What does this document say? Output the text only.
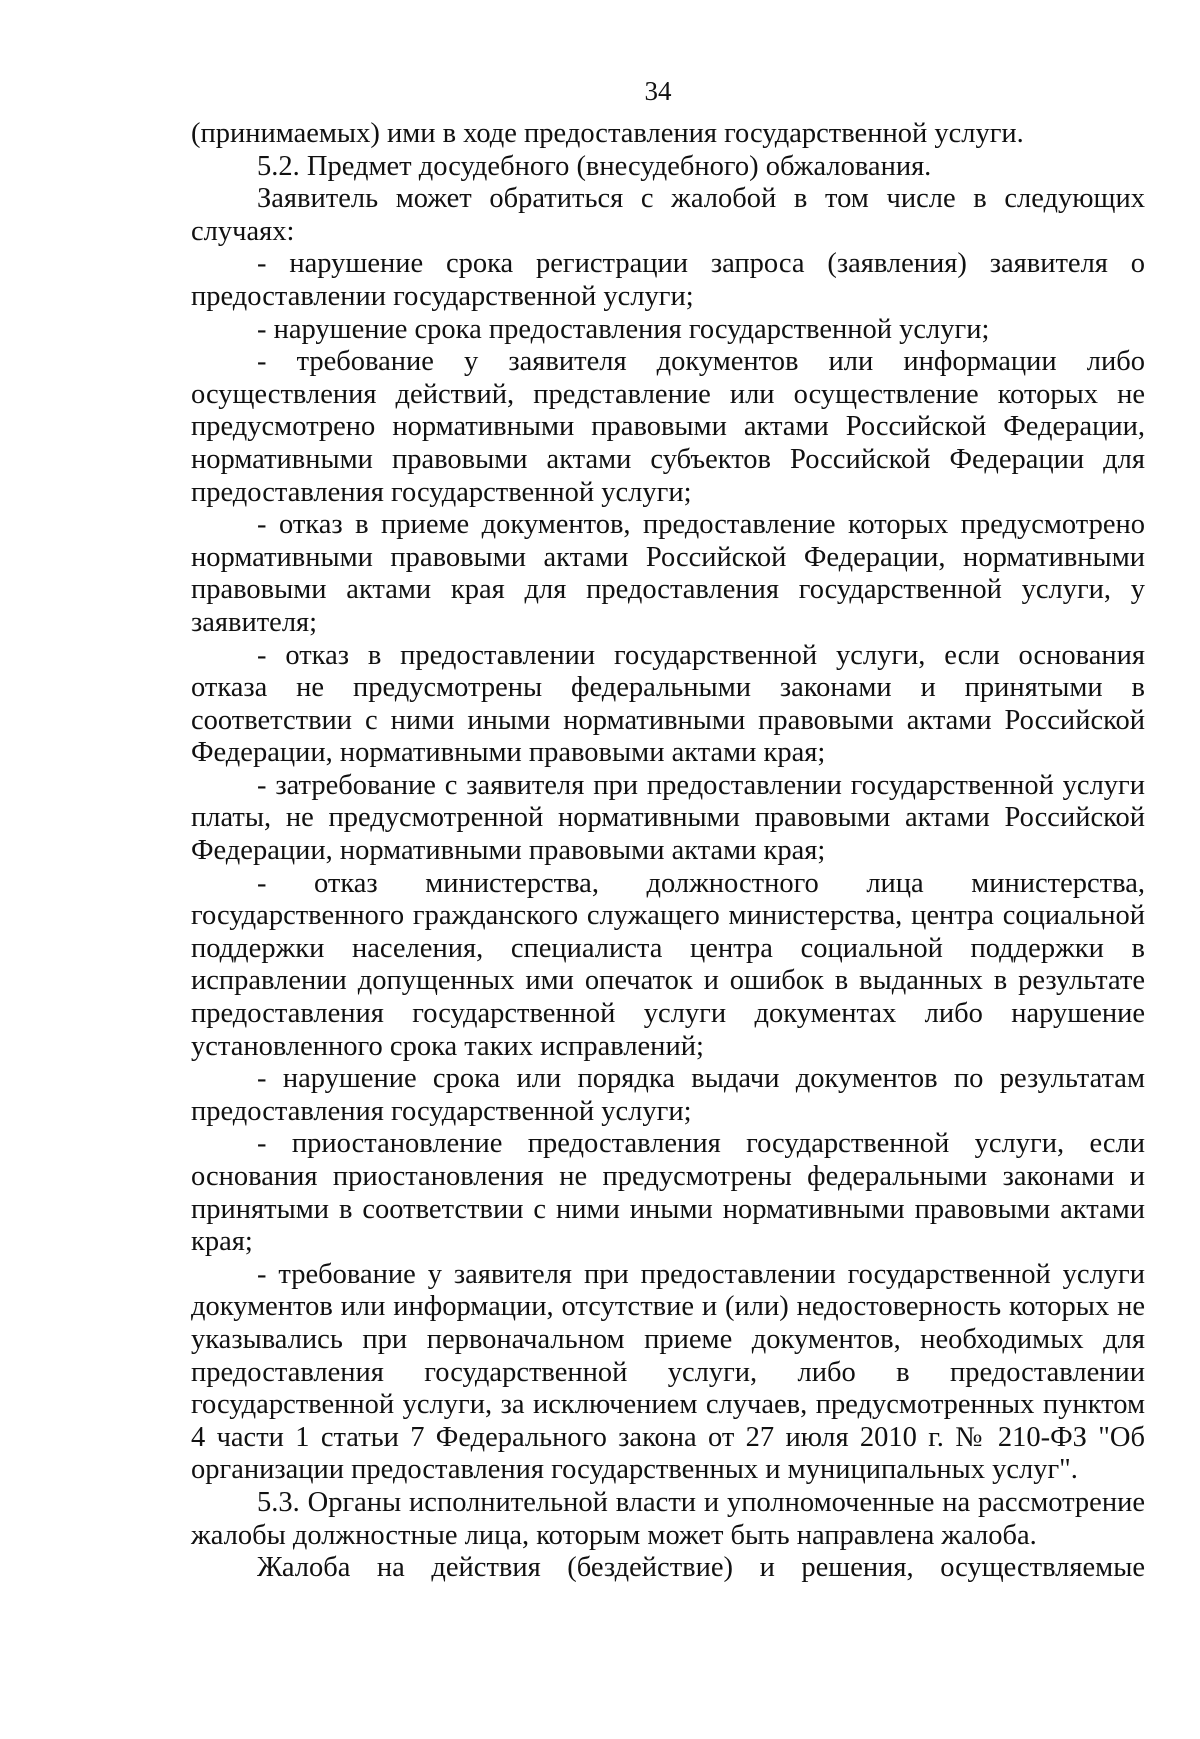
34

(принимаемых) ими в ходе предоставления государственной услуги.

5.2. Предмет досудебного (внесудебного) обжалования.

Заявитель может обратиться с жалобой в том числе в следующих случаях:

- нарушение срока регистрации запроса (заявления) заявителя о предоставлении государственной услуги;

- нарушение срока предоставления государственной услуги;

- требование у заявителя документов или информации либо осуществления действий, представление или осуществление которых не предусмотрено нормативными правовыми актами Российской Федерации, нормативными правовыми актами субъектов Российской Федерации для предоставления государственной услуги;

- отказ в приеме документов, предоставление которых предусмотрено нормативными правовыми актами Российской Федерации, нормативными правовыми актами края для предоставления государственной услуги, у заявителя;

- отказ в предоставлении государственной услуги, если основания отказа не предусмотрены федеральными законами и принятыми в соответствии с ними иными нормативными правовыми актами Российской Федерации, нормативными правовыми актами края;

- затребование с заявителя при предоставлении государственной услуги платы, не предусмотренной нормативными правовыми актами Российской Федерации, нормативными правовыми актами края;

- отказ министерства, должностного лица министерства, государственного гражданского служащего министерства, центра социальной поддержки населения, специалиста центра социальной поддержки в исправлении допущенных ими опечаток и ошибок в выданных в результате предоставления государственной услуги документах либо нарушение установленного срока таких исправлений;

- нарушение срока или порядка выдачи документов по результатам предоставления государственной услуги;

- приостановление предоставления государственной услуги, если основания приостановления не предусмотрены федеральными законами и принятыми в соответствии с ними иными нормативными правовыми актами края;

- требование у заявителя при предоставлении государственной услуги документов или информации, отсутствие и (или) недостоверность которых не указывались при первоначальном приеме документов, необходимых для предоставления государственной услуги, либо в предоставлении государственной услуги, за исключением случаев, предусмотренных пунктом 4 части 1 статьи 7 Федерального закона от 27 июля 2010 г. № 210-ФЗ "Об организации предоставления государственных и муниципальных услуг".

5.3. Органы исполнительной власти и уполномоченные на рассмотрение жалобы должностные лица, которым может быть направлена жалоба.

Жалоба на действия (бездействие) и решения, осуществляемые
